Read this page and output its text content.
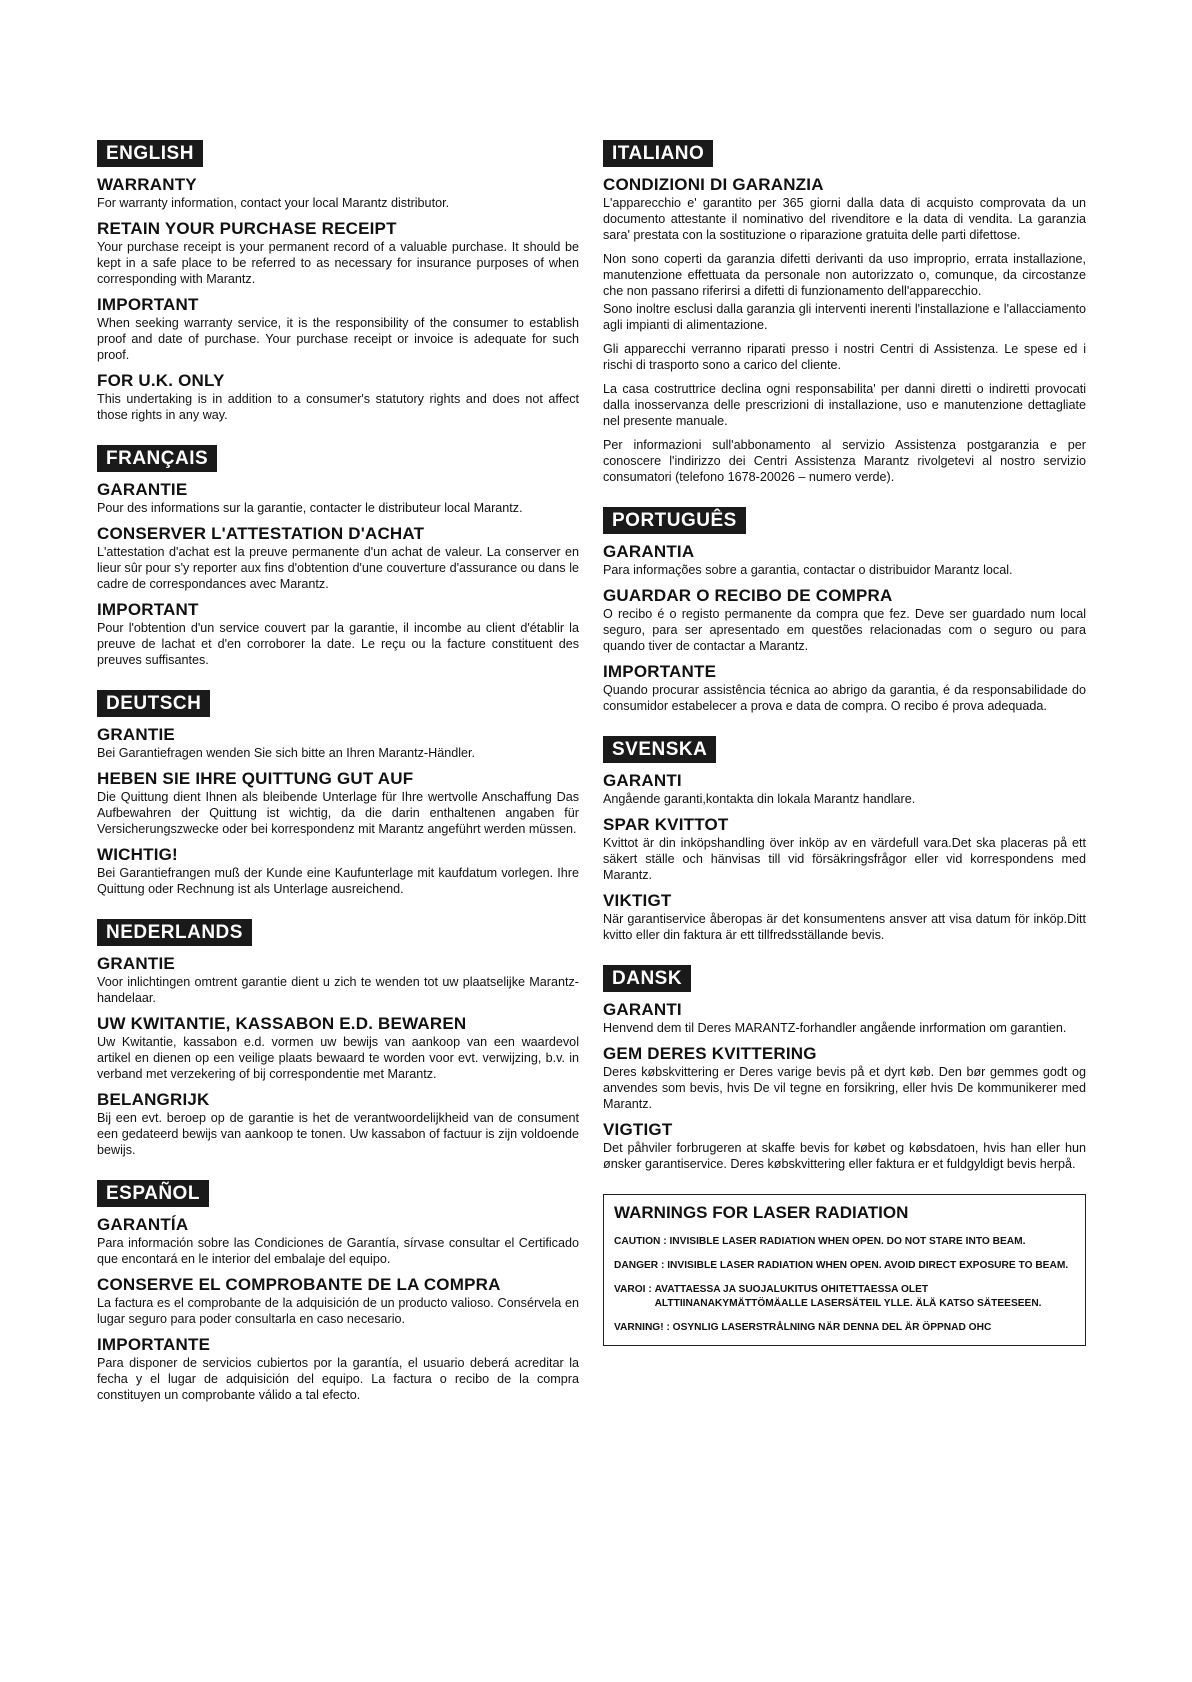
ENGLISH
WARRANTY
For warranty information, contact your local Marantz distributor.
RETAIN YOUR PURCHASE RECEIPT
Your purchase receipt is your permanent record of a valuable purchase. It should be kept in a safe place to be referred to as necessary for insurance purposes of when corresponding with Marantz.
IMPORTANT
When seeking warranty service, it is the responsibility of the consumer to establish proof and date of purchase. Your purchase receipt or invoice is adequate for such proof.
FOR U.K. ONLY
This undertaking is in addition to a consumer's statutory rights and does not affect those rights in any way.
FRANÇAIS
GARANTIE
Pour des informations sur la garantie, contacter le distributeur local Marantz.
CONSERVER L'ATTESTATION D'ACHAT
L'attestation d'achat est la preuve permanente d'un achat de valeur. La conserver en lieur sûr pour s'y reporter aux fins d'obtention d'une couverture d'assurance ou dans le cadre de correspondances avec Marantz.
IMPORTANT
Pour l'obtention d'un service couvert par la garantie, il incombe au client d'établir la preuve de lachat et d'en corroborer la date. Le reçu ou la facture constituent des preuves suffisantes.
DEUTSCH
GRANTIE
Bei Garantiefragen wenden Sie sich bitte an Ihren Marantz-Händler.
HEBEN SIE IHRE QUITTUNG GUT AUF
Die Quittung dient Ihnen als bleibende Unterlage für Ihre wertvolle Anschaffung Das Aufbewahren der Quittung ist wichtig, da die darin enthaltenen angaben für Versicherungszwecke oder bei korrespondenz mit Marantz angeführt werden müssen.
WICHTIG!
Bei Garantiefrangen muß der Kunde eine Kaufunterlage mit kaufdatum vorlegen. Ihre Quittung oder Rechnung ist als Unterlage ausreichend.
NEDERLANDS
GRANTIE
Voor inlichtingen omtrent garantie dient u zich te wenden tot uw plaatselijke Marantz-handelaar.
UW KWITANTIE, KASSABON E.D. BEWAREN
Uw Kwitantie, kassabon e.d. vormen uw bewijs van aankoop van een waardevol artikel en dienen op een veilige plaats bewaard te worden voor evt. verwijzing, b.v. in verband met verzekering of bij correspondentie met Marantz.
BELANGRIJK
Bij een evt. beroep op de garantie is het de verantwoordelijkheid van de consument een gedateerd bewijs van aankoop te tonen. Uw kassabon of factuur is zijn voldoende bewijs.
ESPAÑOL
GARANTÍA
Para información sobre las Condiciones de Garantía, sírvase consultar el Certificado que encontará en le interior del embalaje del equipo.
CONSERVE EL COMPROBANTE DE LA COMPRA
La factura es el comprobante de la adquisición de un producto valioso. Consérvela en lugar seguro para poder consultarla en caso necesario.
IMPORTANTE
Para disponer de servicios cubiertos por la garantía, el usuario deberá acreditar la fecha y el lugar de adquisición del equipo. La factura o recibo de la compra constituyen un comprobante válido a tal efecto.
ITALIANO
CONDIZIONI DI GARANZIA
L'apparecchio e' garantito per 365 giorni dalla data di acquisto comprovata da un documento attestante il nominativo del rivenditore e la data di vendita. La garanzia sara' prestata con la sostituzione o riparazione gratuita delle parti difettose.
Non sono coperti da garanzia difetti derivanti da uso improprio, errata installazione, manutenzione effettuata da personale non autorizzato o, comunque, da circostanze che non passano riferirsi a difetti di funzionamento dell'apparecchio.
Sono inoltre esclusi dalla garanzia gli interventi inerenti l'installazione e l'allacciamento agli impianti di alimentazione.
Gli apparecchi verranno riparati presso i nostri Centri di Assistenza. Le spese ed i rischi di trasporto sono a carico del cliente.
La casa costruttrice declina ogni responsabilita' per danni diretti o indiretti provocati dalla inosservanza delle prescrizioni di installazione, uso e manutenzione dettagliate nel presente manuale.
Per informazioni sull'abbonamento al servizio Assistenza postgaranzia e per conoscere l'indirizzo dei Centri Assistenza Marantz rivolgetevi al nostro servizio consumatori (telefono 1678-20026 – numero verde).
PORTUGUÊS
GARANTIA
Para informações sobre a garantia, contactar o distribuidor Marantz local.
GUARDAR O RECIBO DE COMPRA
O recibo é o registo permanente da compra que fez. Deve ser guardado num local seguro, para ser apresentado em questões relacionadas com o seguro ou para quando tiver de contactar a Marantz.
IMPORTANTE
Quando procurar assistência técnica ao abrigo da garantia, é da responsabilidade do consumidor estabelecer a prova e data de compra. O recibo é prova adequada.
SVENSKA
GARANTI
Angående garanti,kontakta din lokala Marantz handlare.
SPAR KVITTOT
Kvittot är din inköpshandling över inköp av en värdefull vara.Det ska placeras på ett säkert ställe och hänvisas till vid försäkringsfrågor eller vid korrespondens med Marantz.
VIKTIGT
När garantiservice åberopas är det konsumentens ansver att visa datum för inköp.Ditt kvitto eller din faktura är ett tillfredsställande bevis.
DANSK
GARANTI
Henvend dem til Deres MARANTZ-forhandler angående inrformation om garantien.
GEM DERES KVITTERING
Deres købskvittering er Deres varige bevis på et dyrt køb. Den bør gemmes godt og anvendes som bevis, hvis De vil tegne en forsikring, eller hvis De kommunikerer med Marantz.
VIGTIGT
Det påhviler forbrugeren at skaffe bevis for købet og købsdatoen, hvis han eller hun ønsker garantiservice. Deres købskvittering eller faktura er et fuldgyldigt bevis herpå.
WARNINGS FOR LASER RADIATION
CAUTION : INVISIBLE LASER RADIATION WHEN OPEN. DO NOT STARE INTO BEAM.
DANGER :
INVISIBLE LASER RADIATION WHEN OPEN. AVOID DIRECT EXPOSURE TO BEAM.
VAROI :
AVATTAESSA JA SUOJALUKITUS OHITETTAESSA OLET ALTTIINANAKYMÄTTÖMÄALLE LASERSÄTEIL YLLE. ÄLÄ KATSO SÄTEESEEN.
VARNING! : OSYNLIG LASERSTRÅLNING NÄR DENNA DEL ÄR ÖPPNAD OHC
